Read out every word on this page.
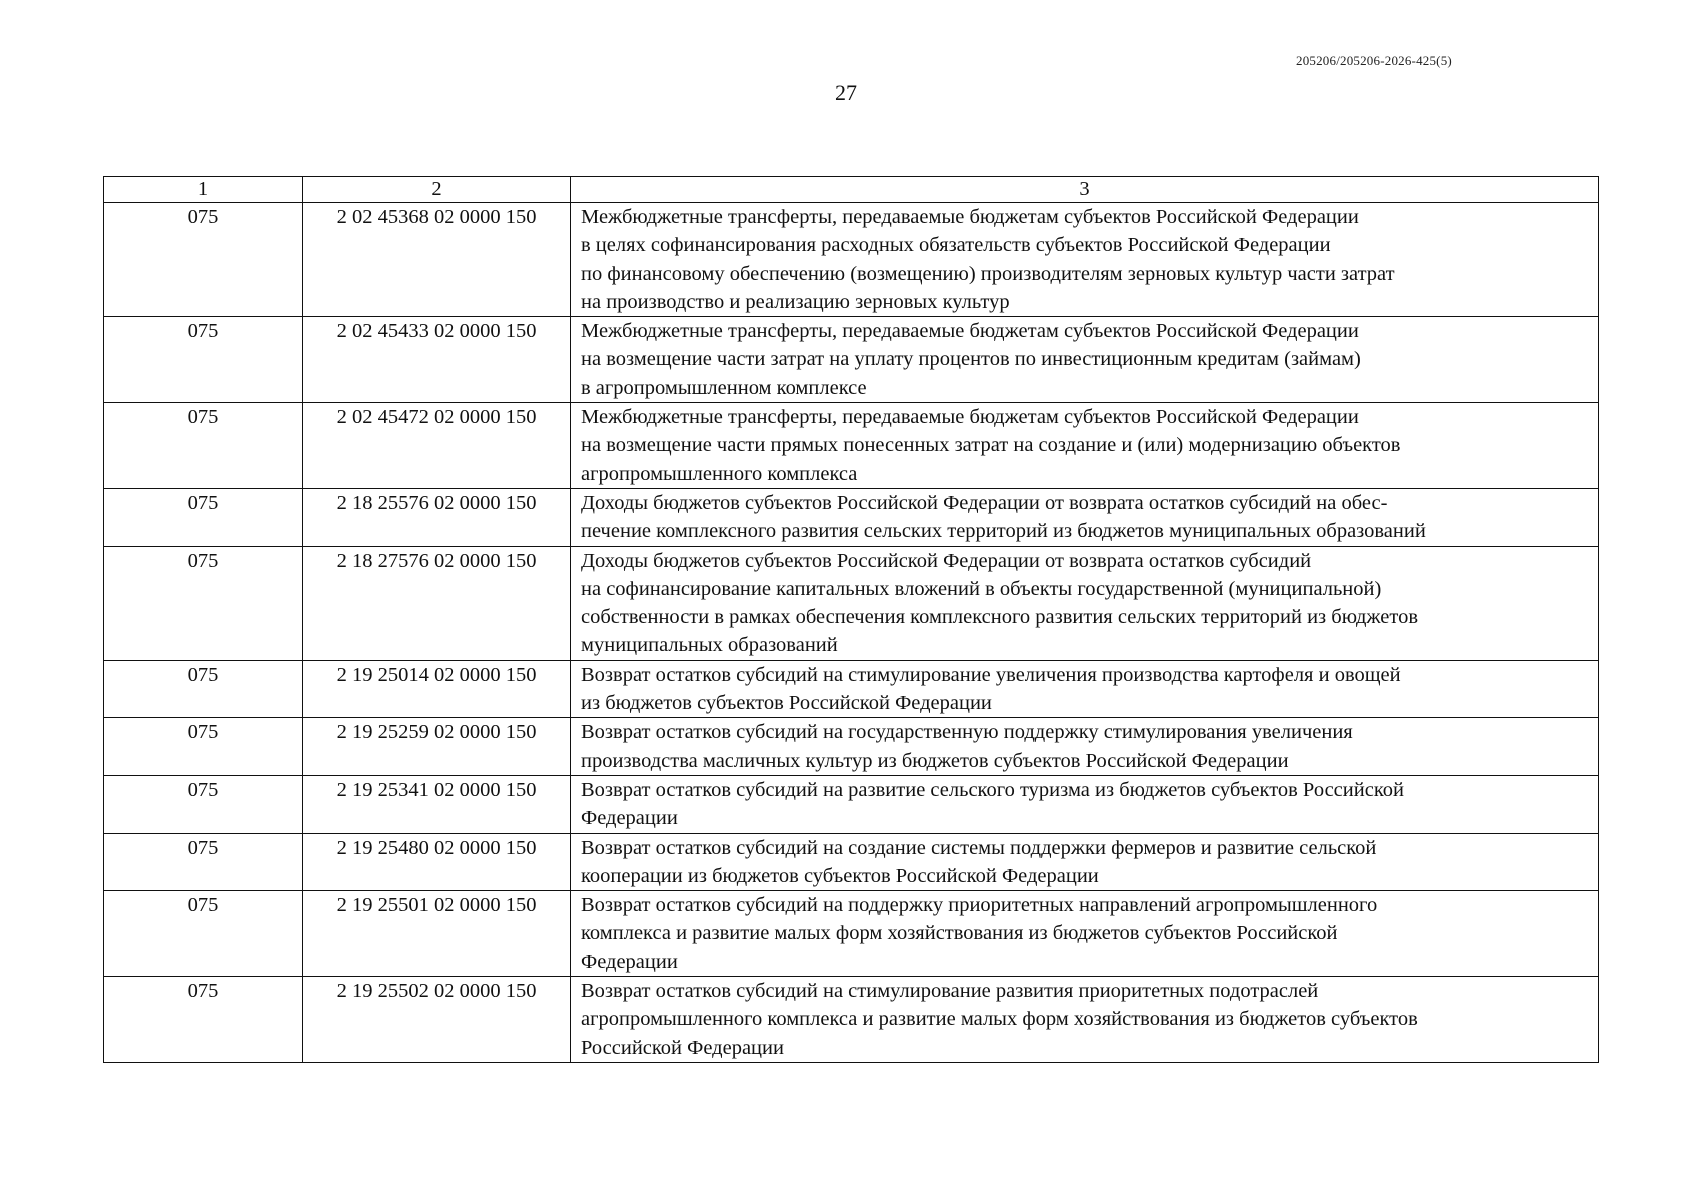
205206/205206-2026-425(5)
27
1	2	3
075	2 02 45368 02 0000 150	Межбюджетные трансферты, передаваемые бюджетам субъектов Российской Федерации
в целях софинансирования расходных обязательств субъектов Российской Федерации
по финансовому обеспечению (возмещению) производителям зерновых культур части затрат
на производство и реализацию зерновых культур

075	2 02 45433 02 0000 150	Межбюджетные трансферты, передаваемые бюджетам субъектов Российской Федерации
на возмещение части затрат на уплату процентов по инвестиционным кредитам (займам)
в агропромышленном комплексе

075	2 02 45472 02 0000 150	Межбюджетные трансферты, передаваемые бюджетам субъектов Российской Федерации
на возмещение части прямых понесенных затрат на создание и (или) модернизацию объектов
агропромышленного комплекса

075	2 18 25576 02 0000 150	Доходы бюджетов субъектов Российской Федерации от возврата остатков субсидий на обес-
печение комплексного развития сельских территорий из бюджетов муниципальных образований

075	2 18 27576 02 0000 150	Доходы бюджетов субъектов Российской Федерации от возврата остатков субсидий
на софинансирование капитальных вложений в объекты государственной (муниципальной)
собственности в рамках обеспечения комплексного развития сельских территорий из бюджетов
муниципальных образований

075	2 19 25014 02 0000 150	Возврат остатков субсидий на стимулирование увеличения производства картофеля и овощей
из бюджетов субъектов Российской Федерации

075	2 19 25259 02 0000 150	Возврат остатков субсидий на государственную поддержку стимулирования увеличения
производства масличных культур из бюджетов субъектов Российской Федерации

075	2 19 25341 02 0000 150	Возврат остатков субсидий на развитие сельского туризма из бюджетов субъектов Российской
Федерации

075	2 19 25480 02 0000 150	Возврат остатков субсидий на создание системы поддержки фермеров и развитие сельской
кооперации из бюджетов субъектов Российской Федерации

075	2 19 25501 02 0000 150	Возврат остатков субсидий на поддержку приоритетных направлений агропромышленного
комплекса и развитие малых форм хозяйствования из бюджетов субъектов Российской
Федерации

075	2 19 25502 02 0000 150	Возврат остатков субсидий на стимулирование развития приоритетных подотраслей
агропромышленного комплекса и развитие малых форм хозяйствования из бюджетов субъектов
Российской Федерации
